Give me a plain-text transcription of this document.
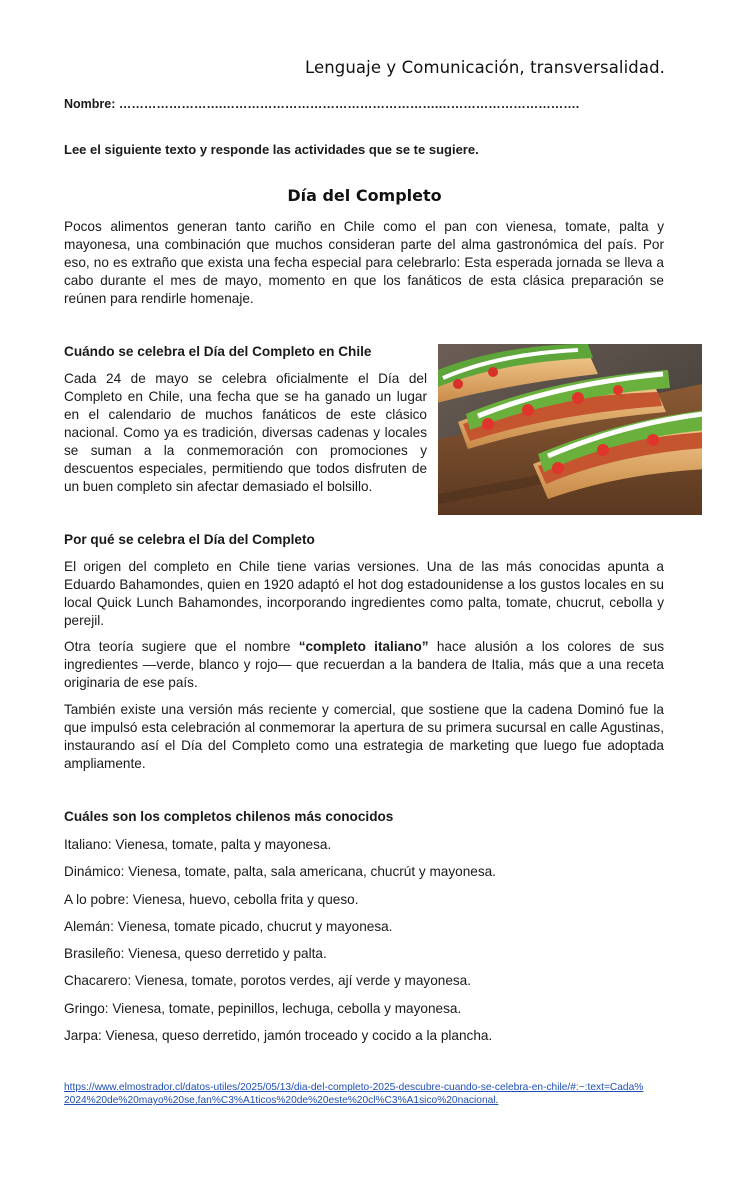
Lenguaje y Comunicación, transversalidad.
Nombre: …………………….…………………………………………….…………………………….
Lee el siguiente texto y responde las actividades que se te sugiere.
Día del Completo

Pocos alimentos generan tanto cariño en Chile como el pan con vienesa, tomate, palta y mayonesa, una combinación que muchos consideran parte del alma gastronómica del país. Por eso, no es extraño que exista una fecha especial para celebrarlo: Esta esperada jornada se lleva a cabo durante el mes de mayo, momento en que los fanáticos de esta clásica preparación se reúnen para rendirle homenaje.

Cuándo se celebra el Día del Completo en Chile

Cada 24 de mayo se celebra oficialmente el Día del Completo en Chile, una fecha que se ha ganado un lugar en el calendario de muchos fanáticos de este clásico nacional. Como ya es tradición, diversas cadenas y locales se suman a la conmemoración con promociones y descuentos especiales, permitiendo que todos disfruten de un buen completo sin afectar demasiado el bolsillo.

Por qué se celebra el Día del Completo

El origen del completo en Chile tiene varias versiones. Una de las más conocidas apunta a Eduardo Bahamondes, quien en 1920 adaptó el hot dog estadounidense a los gustos locales en su local Quick Lunch Bahamondes, incorporando ingredientes como palta, tomate, chucrut, cebolla y perejil.

Otra teoría sugiere que el nombre “completo italiano” hace alusión a los colores de sus ingredientes —verde, blanco y rojo— que recuerdan a la bandera de Italia, más que a una receta originaria de ese país.

También existe una versión más reciente y comercial, que sostiene que la cadena Dominó fue la que impulsó esta celebración al conmemorar la apertura de su primera sucursal en calle Agustinas, instaurando así el Día del Completo como una estrategia de marketing que luego fue adoptada ampliamente.

Cuáles son los completos chilenos más conocidos

Italiano: Vienesa, tomate, palta y mayonesa.
Dinámico: Vienesa, tomate, palta, sala americana, chucrút y mayonesa.
A lo pobre: Vienesa, huevo, cebolla frita y queso.
Alemán: Vienesa, tomate picado, chucrut y mayonesa.
Brasileño: Vienesa, queso derretido y palta.
Chacarero: Vienesa, tomate, porotos verdes, ají verde y mayonesa.
Gringo: Vienesa, tomate, pepinillos, lechuga, cebolla y mayonesa.
Jarpa: Vienesa, queso derretido, jamón troceado y cocido a la plancha.
https://www.elmostrador.cl/datos-utiles/2025/05/13/dia-del-completo-2025-descubre-cuando-se-celebra-en-chile/#:~:text=Cada%2024%20de%20mayo%20se,fan%C3%A1ticos%20de%20este%20cl%C3%A1sico%20nacional.
